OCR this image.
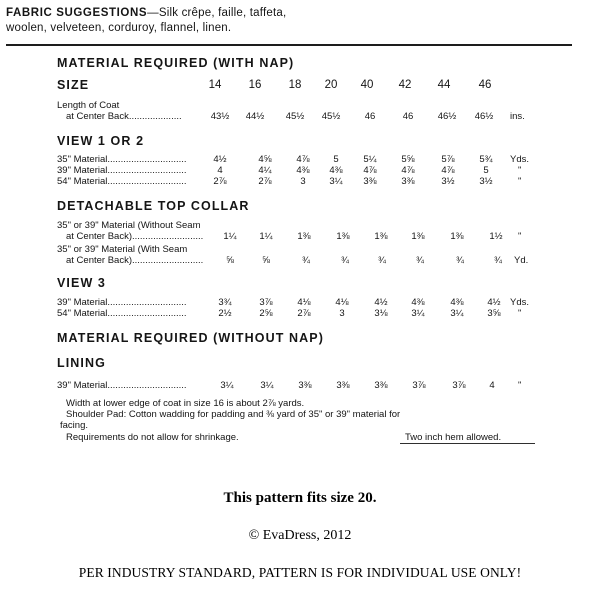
FABRIC SUGGESTIONS—Silk crêpe, faille, taffeta,
woolen, velveteen, corduroy, flannel, linen.
MATERIAL REQUIRED (WITH NAP)
SIZE	14	16	18	20	40	42	44	46
Length of Coat
at Center Back....................	43½	44½	45½	45½	46	46	46½	46½	ins.
VIEW 1 OR 2
35" Material..............................	4½	4⅝	4⅞	5	5¼	5⅝	5⅞	5¾	Yds.
39" Material..............................	4	4¼	4⅜	4⅜	4⅞	4⅞	4⅞	5	"
54" Material..............................	2⅞	2⅞	3	3¼	3⅜	3⅜	3½	3½	"
DETACHABLE TOP COLLAR
35" or 39" Material (Without Seam
at Center Back)...........................	1¼	1¼	1⅜	1⅜	1⅜	1⅜	1⅜	1½	"
35" or 39" Material (With Seam
at Center Back)...........................	⅝	⅝	¾	¾	¾	¾	¾	¾	Yd.
VIEW 3
39" Material..............................	3¾	3⅞	4⅛	4⅛	4½	4⅜	4⅜	4½ Yds.
54" Material..............................	2½	2⅝	2⅞	3	3⅛	3¼	3¼	3⅝	"
MATERIAL REQUIRED (WITHOUT NAP)
LINING
39" Material..............................	3¼	3¼	3⅜	3⅜	3⅜	3⅞	3⅞	4	"
Width at lower edge of coat in size 16 is about 2⅞ yards.
Shoulder Pad: Cotton wadding for padding and ⅜ yard of 35" or 39" material for
facing.
Requirements do not allow for shrinkage.	Two inch hem allowed.
This pattern fits size 20.
© EvaDress, 2012
PER INDUSTRY STANDARD, PATTERN IS FOR INDIVIDUAL USE ONLY!
